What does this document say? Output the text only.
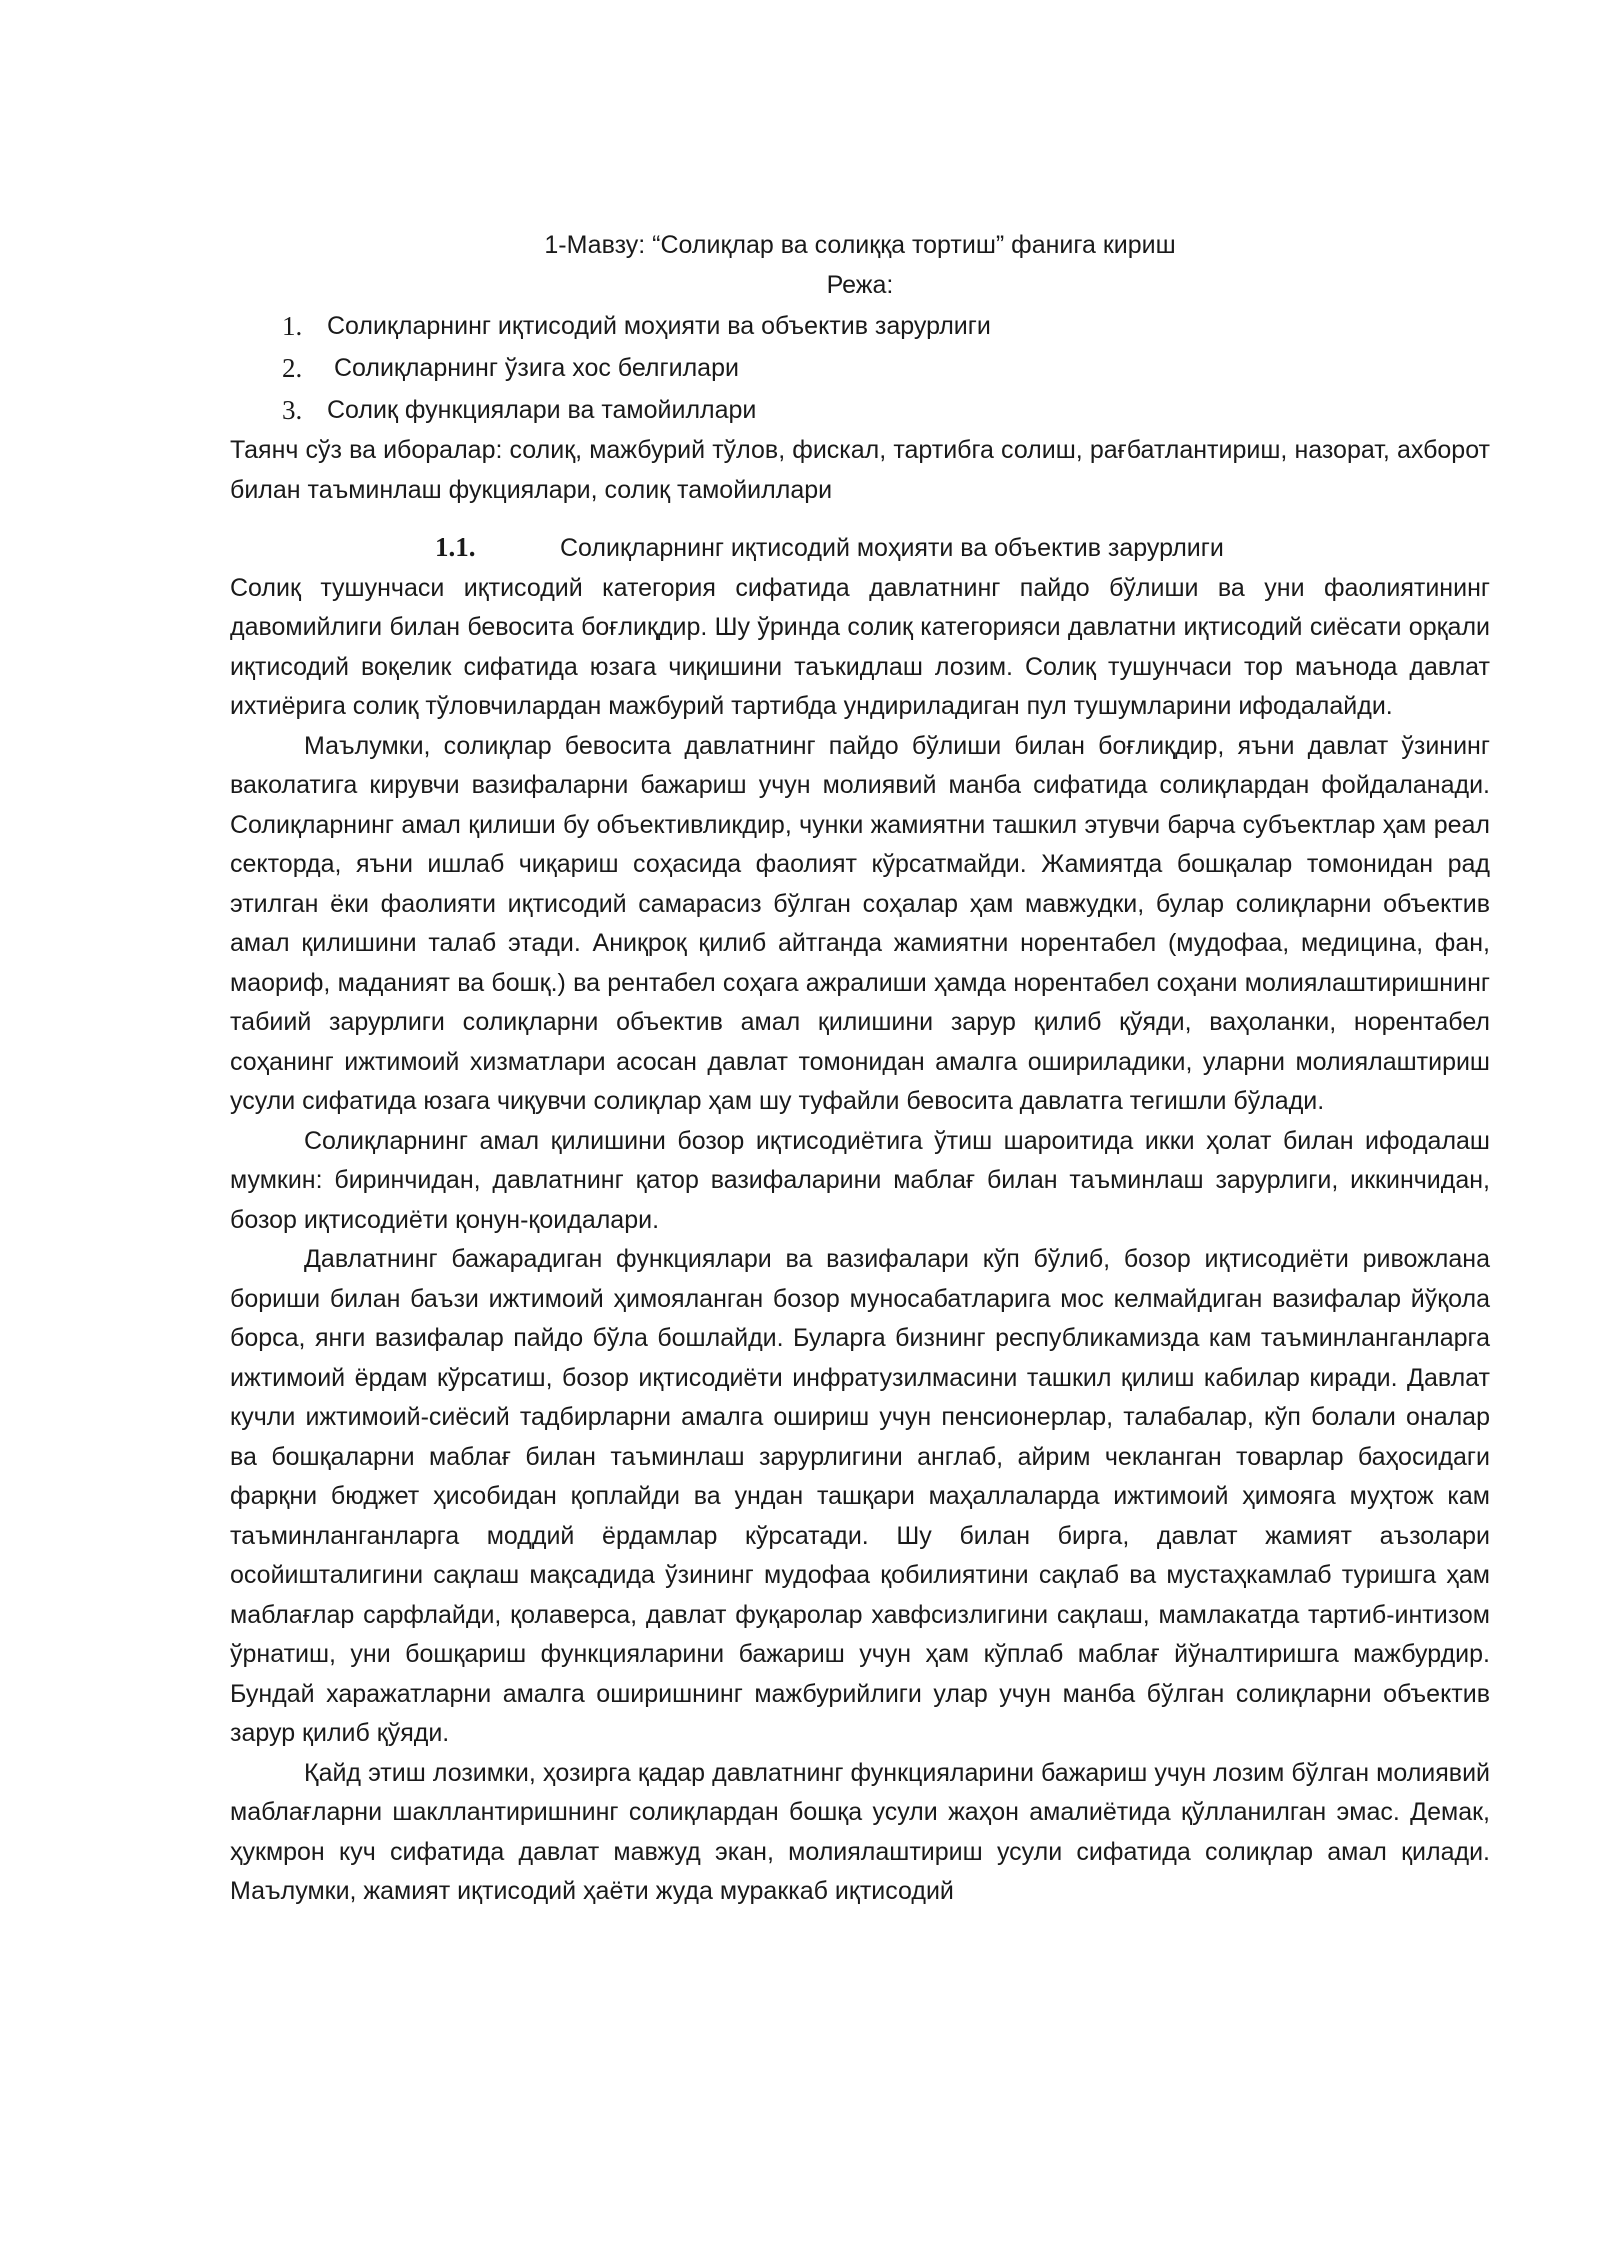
1-Мавзу: “Солиқлар ва солиққа тортиш” фанига кириш

Режа:

1. Солиқларнинг иқтисодий моҳияти ва объектив зарурлиги
2. Солиқларнинг ўзига хос белгилари
3. Солиқ функциялари ва тамойиллари

Таянч сўз ва иборалар: солиқ, мажбурий тўлов, фискал, тартибга солиш, рағбатлантириш, назорат, ахборот билан таъминлаш фукциялари, солиқ тамойиллари

1.1.	Солиқларнинг иқтисодий моҳияти ва объектив зарурлиги

Солиқ тушунчаси иқтисодий категория сифатида давлатнинг пайдо бўлиши ва уни фаолиятининг давомийлиги билан бевосита боғлиқдир. Шу ўринда солиқ категорияси давлатни иқтисодий сиёсати орқали иқтисодий воқелик сифатида юзага чиқишини таъкидлаш лозим. Солиқ тушунчаси тор маънода давлат ихтиёрига солиқ тўловчилардан мажбурий тартибда ундириладиган пул тушумларини ифодалайди.

Маълумки, солиқлар бевосита давлатнинг пайдо бўлиши билан боғлиқдир, яъни давлат ўзининг ваколатига кирувчи вазифаларни бажариш учун молиявий манба сифатида солиқлардан фойдаланади. Солиқларнинг амал қилиши бу объективликдир, чунки жамиятни ташкил этувчи барча субъектлар ҳам реал секторда, яъни ишлаб чиқариш соҳасида фаолият кўрсатмайди. Жамиятда бошқалар томонидан рад этилган ёки фаолияти иқтисодий самарасиз бўлган соҳалар ҳам мавжудки, булар солиқларни объектив амал қилишини талаб этади. Аниқроқ қилиб айтганда жамиятни норентабел (мудофаа, медицина, фан, маориф, маданият ва бошқ.) ва рентабел соҳага ажралиши ҳамда норентабел соҳани молиялаштиришнинг табиий зарурлиги солиқларни объектив амал қилишини зарур қилиб қўяди, ваҳоланки, норентабел соҳанинг ижтимоий хизматлари асосан давлат томонидан амалга ошириладики, уларни молиялаштириш усули сифатида юзага чиқувчи солиқлар ҳам шу туфайли бевосита давлатга тегишли бўлади.

Солиқларнинг амал қилишини бозор иқтисодиётига ўтиш шароитида икки ҳолат билан ифодалаш мумкин: биринчидан, давлатнинг қатор вазифаларини маблағ билан таъминлаш зарурлиги, иккинчидан, бозор иқтисодиёти қонун-қоидалари.

Давлатнинг бажарадиган функциялари ва вазифалари кўп бўлиб, бозор иқтисодиёти ривожлана бориши билан баъзи ижтимоий ҳимояланган бозор муносабатларига мос келмайдиган вазифалар йўқола борса, янги вазифалар пайдо бўла бошлайди. Буларга бизнинг республикамизда кам таъминланганларга ижтимоий ёрдам кўрсатиш, бозор иқтисодиёти инфратузилмасини ташкил қилиш кабилар киради. Давлат кучли ижтимоий-сиёсий тадбирларни амалга ошириш учун пенсионерлар, талабалар, кўп болали оналар ва бошқаларни маблағ билан таъминлаш зарурлигини англаб, айрим чекланган товарлар баҳосидаги фарқни бюджет ҳисобидан қоплайди ва ундан ташқари маҳаллаларда ижтимоий ҳимояга муҳтож кам таъминланганларга моддий ёрдамлар кўрсатади. Шу билан бирга, давлат жамият аъзолари осойишталигини сақлаш мақсадида ўзининг мудофаа қобилиятини сақлаб ва мустаҳкамлаб туришга ҳам маблағлар сарфлайди, қолаверса, давлат фуқаролар хавфсизлигини сақлаш, мамлакатда тартиб-интизом ўрнатиш, уни бошқариш функцияларини бажариш учун ҳам кўплаб маблағ йўналтиришга мажбурдир. Бундай харажатларни амалга оширишнинг мажбурийлиги улар учун манба бўлган солиқларни объектив зарур қилиб қўяди.

Қайд этиш лозимки, ҳозирга қадар давлатнинг функцияларини бажариш учун лозим бўлган молиявий маблағларни шакллантиришнинг солиқлардан бошқа усули жаҳон амалиётида қўлланилган эмас. Демак, ҳукмрон куч сифатида давлат мавжуд экан, молиялаштириш усули сифатида солиқлар амал қилади. Маълумки, жамият иқтисодий ҳаёти жуда мураккаб иқтисодий
